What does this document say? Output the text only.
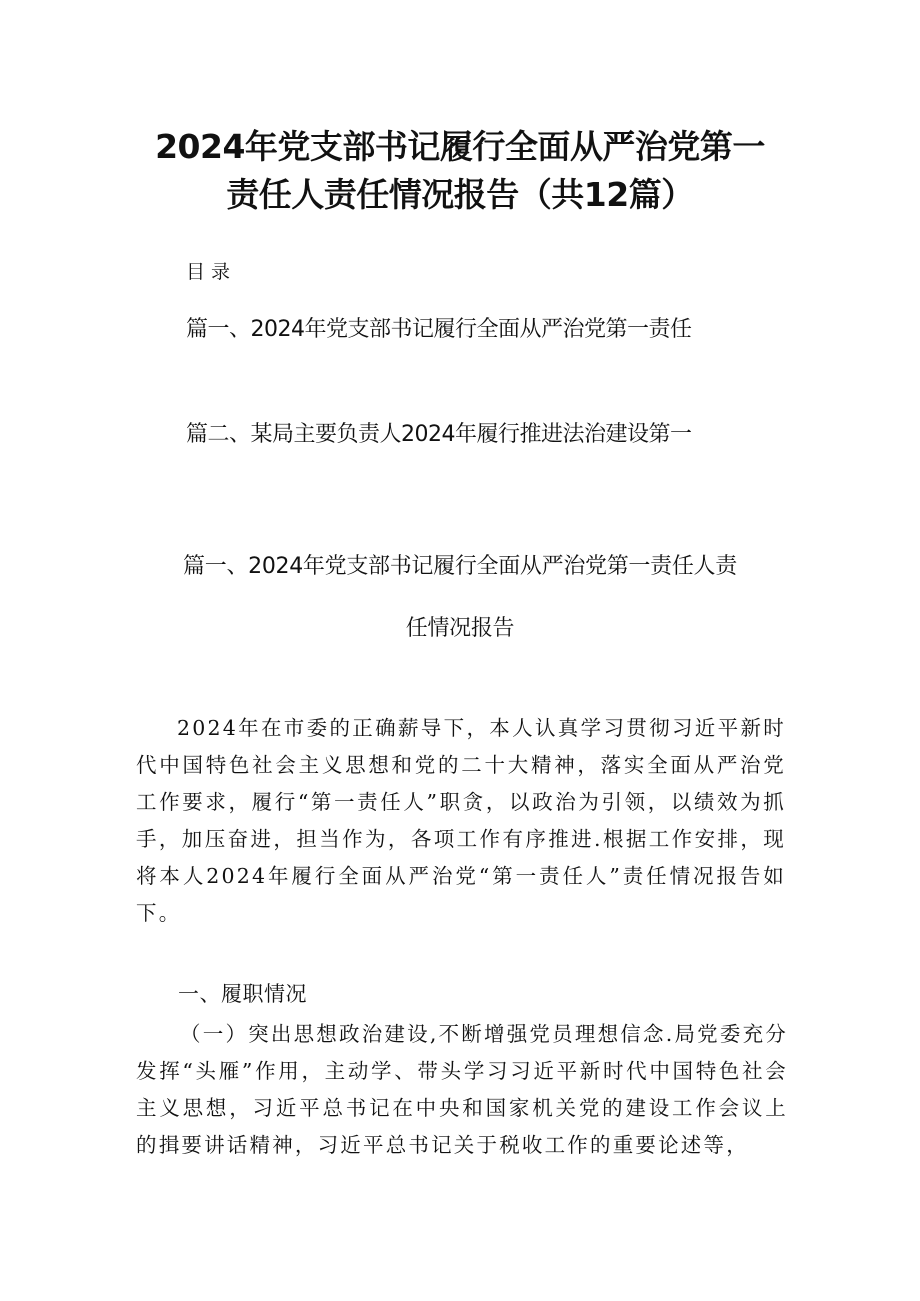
2024年党支部书记履行全面从严治党第一
责任人责任情况报告（共12篇）
目录
篇一、2024年党支部书记履行全面从严治党第一责任
篇二、某局主要负责人2024年履行推进法治建设第一
篇一、2024年党支部书记履行全面从严治党第一责任人责
任情况报告

2024年在市委的正确薪导下，本人认真学习贯彻习近平新时代中国特色社会主义思想和党的二十大精神，落实全面从严治党工作要求，履行“第一责任人”职贪，以政治为引领，以绩效为抓手，加压奋进，担当作为，各项工作有序推进.根据工作安排，现将本人2024年履行全面从严治党“第一责任人”责任情况报告如下。

一、履职情况
（一）突出思想政治建设,不断增强党员理想信念.局党委充分发挥“头雁”作用，主动学、带头学习习近平新时代中国特色社会主义思想，习近平总书记在中央和国家机关党的建设工作会议上的揖要讲话精神，习近平总书记关于税收工作的重要论述等，
